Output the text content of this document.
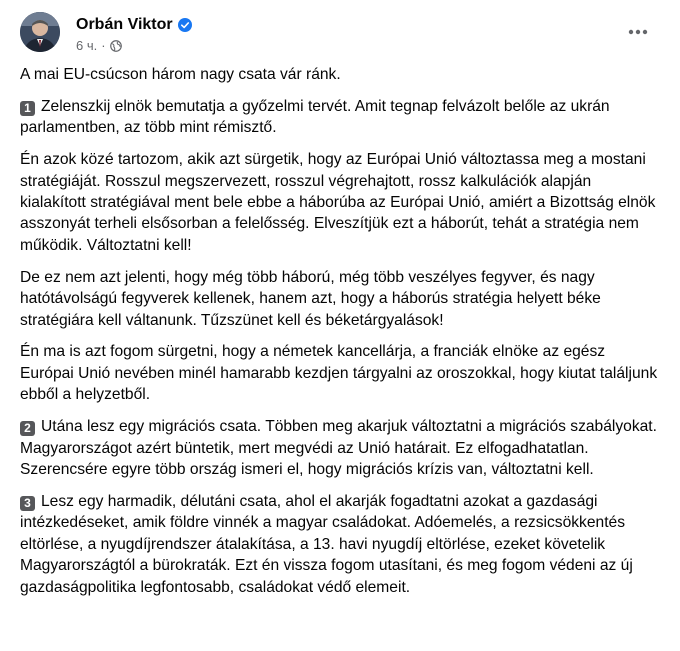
Orbán Viktor
6 ч. ·

A mai EU-csúcson három nagy csata vár ránk.

1 Zelenszkij elnök bemutatja a győzelmi tervét. Amit tegnap felvázolt belőle az ukrán parlamentben, az több mint rémisztő.

Én azok közé tartozom, akik azt sürgetik, hogy az Európai Unió változtassa meg a mostani stratégiáját. Rosszul megszervezett, rosszul végrehajtott, rossz kalkulációk alapján kialakított stratégiával ment bele ebbe a háborúba az Európai Unió, amiért a Bizottság elnök asszonyát terheli elsősorban a felelősség. Elveszítjük ezt a háborút, tehát a stratégia nem működik. Változtatni kell!

De ez nem azt jelenti, hogy még több háború, még több veszélyes fegyver, és nagy hatótávolságú fegyverek kellenek, hanem azt, hogy a háborús stratégia helyett béke stratégiára kell váltanunk. Tűzszünet kell és béketárgyalások!

Én ma is azt fogom sürgetni, hogy a németek kancellárja, a franciák elnöke az egész Európai Unió nevében minél hamarabb kezdjen tárgyalni az oroszokkal, hogy kiutat találjunk ebből a helyzetből.

2 Utána lesz egy migrációs csata. Többen meg akarjuk változtatni a migrációs szabályokat. Magyarországot azért büntetik, mert megvédi az Unió határait. Ez elfogadhatatlan. Szerencsére egyre több ország ismeri el, hogy migrációs krízis van, változtatni kell.

3 Lesz egy harmadik, délutáni csata, ahol el akarják fogadtatni azokat a gazdasági intézkedéseket, amik földre vinnék a magyar családokat. Adóemelés, a rezsicsökkentés eltörlése, a nyugdíjrendszer átalakítása, a 13. havi nyugdíj eltörlése, ezeket követelik Magyarországtól a bürokraták. Ezt én vissza fogom utasítani, és meg fogom védeni az új gazdaságpolitika legfontosabb, családokat védő elemeit.
